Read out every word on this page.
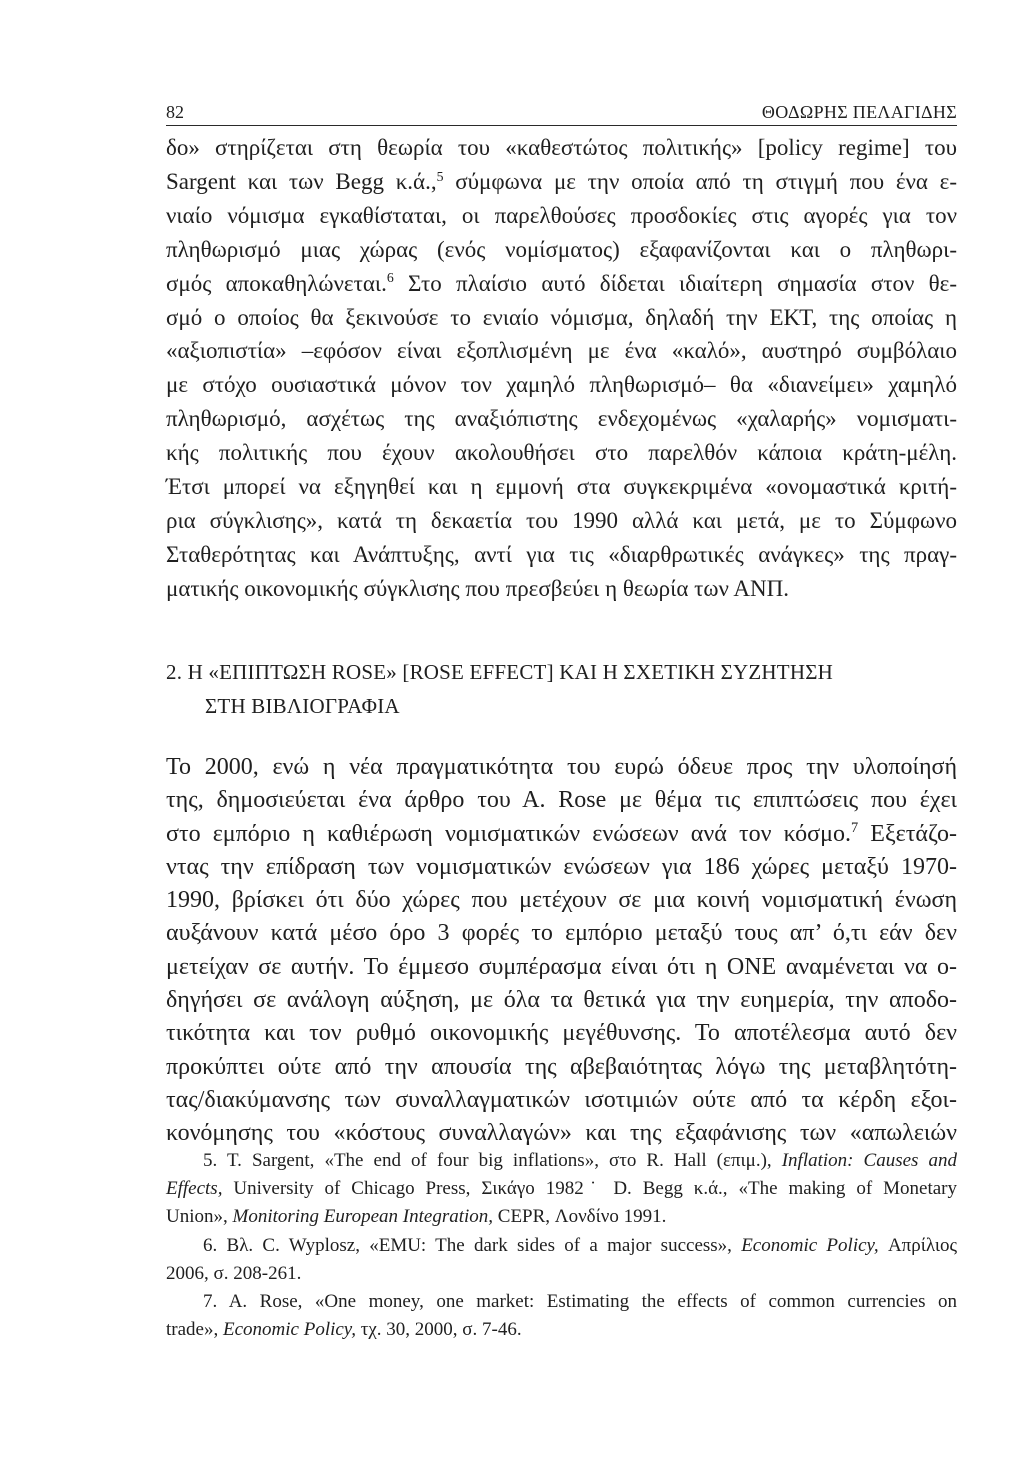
82	ΘΟΔΩΡΗΣ ΠΕΛΑΓΙΔΗΣ
δο» στηρίζεται στη θεωρία του «καθεστώτος πολιτικής» [policy regime] του
Sargent και των Begg κ.ά.,$^5$ σύμφωνα με την οποία από τη στιγμή που ένα ε-
νιαίο νόμισμα εγκαθίσταται, οι παρελθούσες προσδοκίες στις αγορές για τον
πληθωρισμό μιας χώρας (ενός νομίσματος) εξαφανίζονται και ο πληθωρι-
σμός αποκαθηλώνεται.$^6$ Στο πλαίσιο αυτό δίδεται ιδιαίτερη σημασία στον θε-
σμό ο οποίος θα ξεκινούσε το ενιαίο νόμισμα, δηλαδή την ΕΚΤ, της οποίας η
«αξιοπιστία» –εφόσον είναι εξοπλισμένη με ένα «καλό», αυστηρό συμβόλαιο
με στόχο ουσιαστικά μόνον τον χαμηλό πληθωρισμό– θα «διανείμει» χαμηλό
πληθωρισμό, ασχέτως της αναξιόπιστης ενδεχομένως «χαλαρής» νομισματι-
κής πολιτικής που έχουν ακολουθήσει στο παρελθόν κάποια κράτη-μέλη.
Έτσι μπορεί να εξηγηθεί και η εμμονή στα συγκεκριμένα «ονομαστικά κριτή-
ρια σύγκλισης», κατά τη δεκαετία του 1990 αλλά και μετά, με το Σύμφωνο
Σταθερότητας και Ανάπτυξης, αντί για τις «διαρθρωτικές ανάγκες» της πραγ-
ματικής οικονομικής σύγκλισης που πρεσβεύει η θεωρία των ΑΝΠ.
2. Η «ΕΠΙΠΤΩΣΗ ROSE» [ROSE EFFECT] ΚΑΙ Η ΣΧΕΤΙΚΗ ΣΥΖΗΤΗΣΗ
ΣΤΗ ΒΙΒΛΙΟΓΡΑΦΙΑ
Το 2000, ενώ η νέα πραγματικότητα του ευρώ όδευε προς την υλοποίησή
της, δημοσιεύεται ένα άρθρο του Α. Rose με θέμα τις επιπτώσεις που έχει
στο εμπόριο η καθιέρωση νομισματικών ενώσεων ανά τον κόσμο.$^7$ Εξετάζο-
ντας την επίδραση των νομισματικών ενώσεων για 186 χώρες μεταξύ 1970-
1990, βρίσκει ότι δύο χώρες που μετέχουν σε μια κοινή νομισματική ένωση
αυξάνουν κατά μέσο όρο 3 φορές το εμπόριο μεταξύ τους απ’ ό,τι εάν δεν
μετείχαν σε αυτήν. Το έμμεσο συμπέρασμα είναι ότι η ΟΝΕ αναμένεται να ο-
δηγήσει σε ανάλογη αύξηση, με όλα τα θετικά για την ευημερία, την αποδο-
τικότητα και τον ρυθμό οικονομικής μεγέθυνσης. Το αποτέλεσμα αυτό δεν
προκύπτει ούτε από την απουσία της αβεβαιότητας λόγω της μεταβλητότη-
τας/διακύμανσης των συναλλαγματικών ισοτιμιών ούτε από τα κέρδη εξοι-
κονόμησης του «κόστους συναλλαγών» και της εξαφάνισης των «απωλειών
5. T. Sargent, «The end of four big inflations», στο R. Hall (επιμ.), Inflation: Causes and
Effects, University of Chicago Press, Σικάγο 1982˙ D. Begg κ.ά., «The making of Monetary
Union», Monitoring European Integration, CEPR, Λονδίνο 1991.
6. Βλ. C. Wyplosz, «EMU: The dark sides of a major success», Economic Policy, Απρίλιος
2006, σ. 208-261.
7. A. Rose, «One money, one market: Estimating the effects of common currencies on
trade», Economic Policy, τχ. 30, 2000, σ. 7-46.
